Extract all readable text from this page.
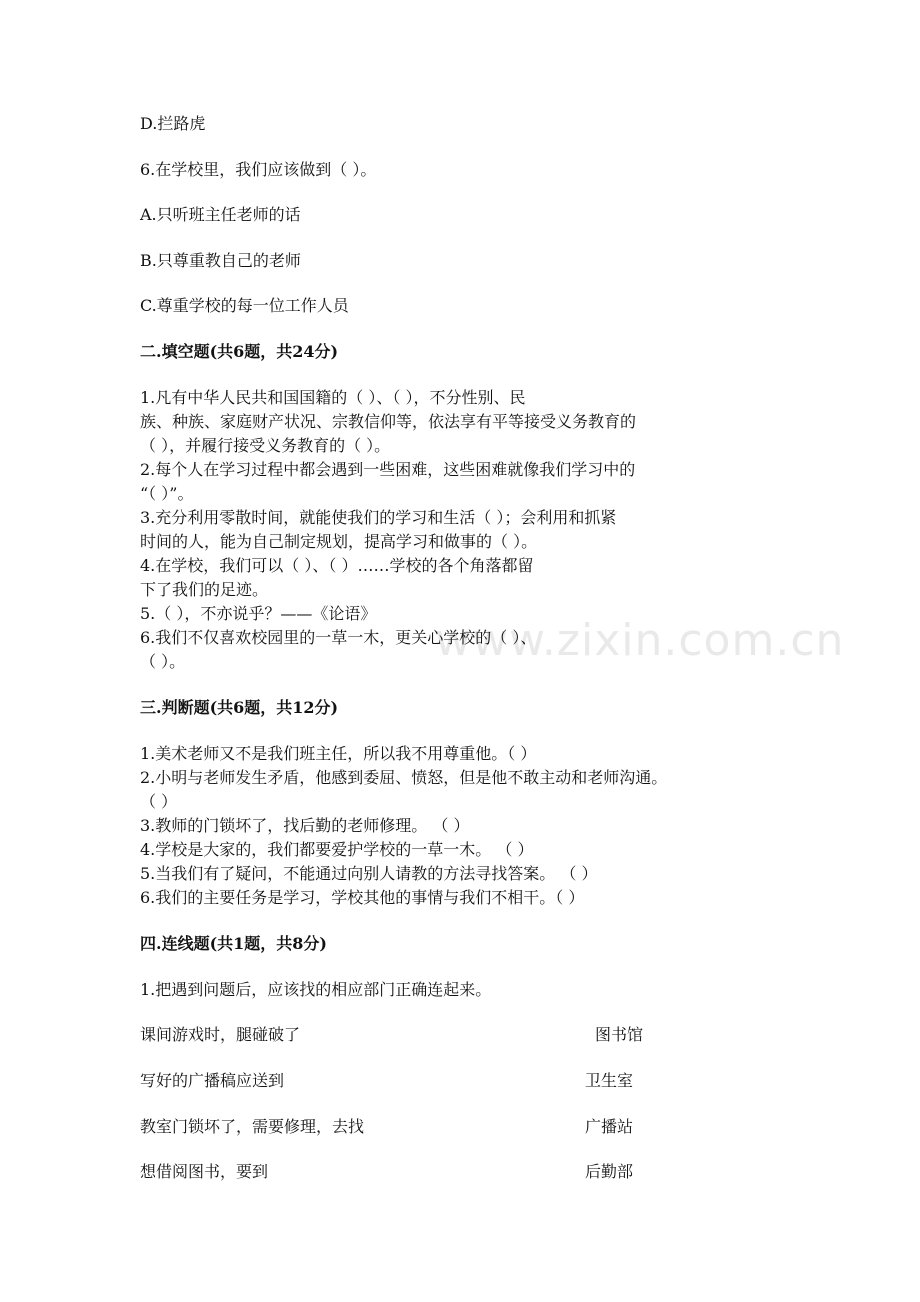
www.zixin.com.cn

D.拦路虎

6.在学校里，我们应该做到（ ）。

A.只听班主任老师的话

B.只尊重教自己的老师

C.尊重学校的每一位工作人员

二.填空题(共6题，共24分)

1.凡有中华人民共和国国籍的（ ）、（ ），不分性别、民

族、种族、家庭财产状况、宗教信仰等，依法享有平等接受义务教育的

（ ），并履行接受义务教育的（ ）。

2.每个人在学习过程中都会遇到一些困难，这些困难就像我们学习中的

“（ ）”。

3.充分利用零散时间，就能使我们的学习和生活（ ）；会利用和抓紧

时间的人，能为自己制定规划，提高学习和做事的（ ）。

4.在学校，我们可以（ ）、（ ）……学校的各个角落都留

下了我们的足迹。

5.（ ），不亦说乎？——《论语》

6.我们不仅喜欢校园里的一草一木，更关心学校的（ ）、

（ ）。

三.判断题(共6题，共12分)

1.美术老师又不是我们班主任，所以我不用尊重他。（ ）

2.小明与老师发生矛盾，他感到委屈、愤怒，但是他不敢主动和老师沟通。

（ ）

3.教师的门锁坏了，找后勤的老师修理。 （ ）

4.学校是大家的，我们都要爱护学校的一草一木。 （ ）

5.当我们有了疑问，不能通过向别人请教的方法寻找答案。 （ ）

6.我们的主要任务是学习，学校其他的事情与我们不相干。（ ）

四.连线题(共1题，共8分)

1.把遇到问题后，应该找的相应部门正确连起来。

课间游戏时，腿碰破了	图书馆

写好的广播稿应送到	卫生室

教室门锁坏了，需要修理，去找	广播站

想借阅图书，要到	后勤部
